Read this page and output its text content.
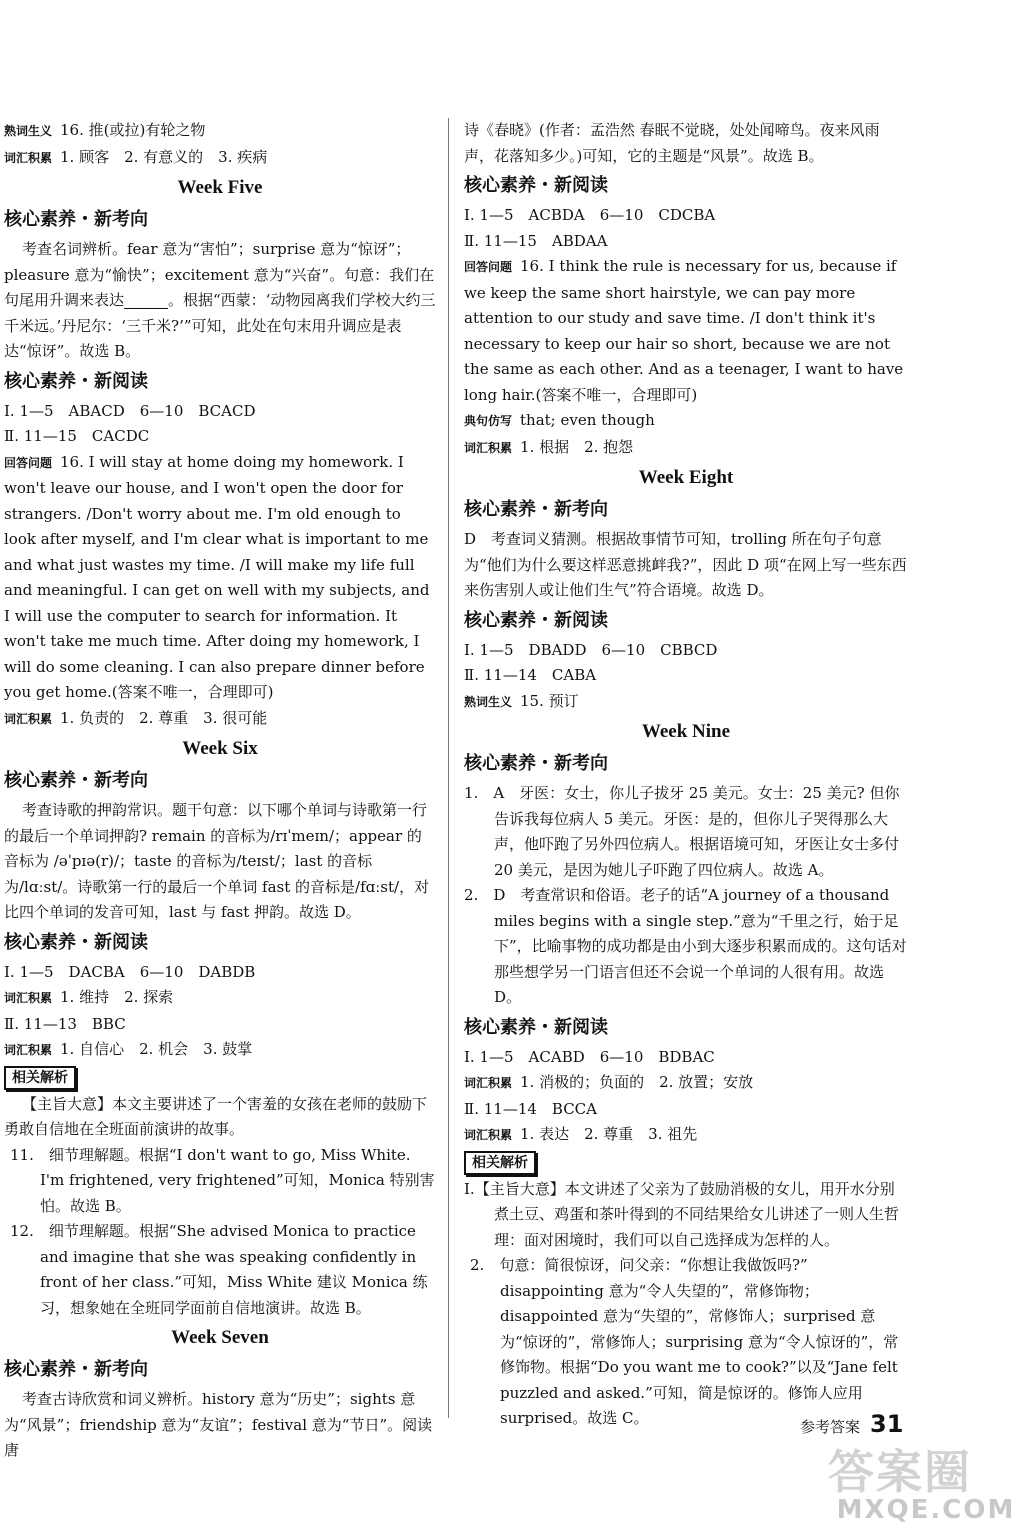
熟词生义 16. 推(或拉)有轮之物

词汇积累 1. 顾客　2. 有意义的　3. 疾病

Week Five
核心素养・新考向

考查名词辨析。fear 意为“害怕”；surprise 意为“惊讶”；pleasure 意为“愉快”；excitement 意为“兴奋”。句意：我们在句尾用升调来表达	。根据“西蒙：‘动物园离我们学校大约三千米远。’丹尼尔：‘三千米?’”可知，此处在句末用升调应是表达“惊讶”。故选 B。

核心素养・新阅读

Ⅰ. 1—5　ABACD　6—10　BCACD

Ⅱ. 11—15　CACDC

回答问题 16. I will stay at home doing my homework. I won't leave our house, and I won't open the door for strangers. /Don't worry about me. I'm old enough to look after myself, and I'm clear what is important to me and what just wastes my time. /I will make my life full and meaningful. I can get on well with my subjects, and I will use the computer to search for information. It won't take me much time. After doing my homework, I will do some cleaning. I can also prepare dinner before you get home.(答案不唯一，合理即可)

词汇积累 1. 负责的　2. 尊重　3. 很可能

Week Six
核心素养・新考向

考查诗歌的押韵常识。题干句意：以下哪个单词与诗歌第一行的最后一个单词押韵? remain 的音标为/rɪˈmeɪn/；appear 的音标为 /əˈpɪə(r)/；taste 的音标为/teɪst/；last 的音标为/lɑːst/。诗歌第一行的最后一个单词 fast 的音标是/fɑːst/，对比四个单词的发音可知，last 与 fast 押韵。故选 D。

核心素养・新阅读

Ⅰ. 1—5　DACBA　6—10　DABDB

词汇积累 1. 维持　2. 探索

Ⅱ. 11—13　BBC

词汇积累 1. 自信心　2. 机会　3. 鼓掌

相关解析

【主旨大意】本文主要讲述了一个害羞的女孩在老师的鼓励下勇敢自信地在全班面前演讲的故事。

11.　 细节理解题。根据“I don't want to go, Miss White. I'm frightened, very frightened”可知，Monica 特别害怕。故选 B。

12.　 细节理解题。根据“She advised Monica to practice and imagine that she was speaking confidently in front of her class.”可知，Miss White 建议 Monica 练习，想象她在全班同学面前自信地演讲。故选 B。

Week Seven
核心素养・新考向

考查古诗欣赏和词义辨析。history 意为“历史”；sights 意为“风景”；friendship 意为“友谊”；festival 意为“节日”。阅读唐

诗《春晓》(作者：孟浩然 春眠不觉晓，处处闻啼鸟。夜来风雨声，花落知多少。)可知，它的主题是“风景”。故选 B。

核心素养・新阅读

Ⅰ. 1—5　ACBDA　6—10　CDCBA

Ⅱ. 11—15　ABDAA

回答问题 16. I think the rule is necessary for us, because if we keep the same short hairstyle, we can pay more attention to our study and save time. /I don't think it's necessary to keep our hair so short, because we are not the same as each other. And as a teenager, I want to have long hair.(答案不唯一，合理即可)

典句仿写 that; even though

词汇积累 1. 根据　2. 抱怨

Week Eight
核心素养・新考向

D　考查词义猜测。根据故事情节可知，trolling 所在句子句意为“他们为什么要这样恶意挑衅我?”，因此 D 项“在网上写一些东西来伤害别人或让他们生气”符合语境。故选 D。

核心素养・新阅读

Ⅰ. 1—5　DBADD　6—10　CBBCD

Ⅱ. 11—14　CABA

熟词生义 15. 预订

Week Nine
核心素养・新考向

1.　 A　牙医：女士，你儿子拔牙 25 美元。女士：25 美元? 但你告诉我每位病人 5 美元。牙医：是的，但你儿子哭得那么大声，他吓跑了另外四位病人。根据语境可知，牙医让女士多付 20 美元，是因为她儿子吓跑了四位病人。故选 A。

2.　 D　考查常识和俗语。老子的话“A journey of a thousand miles begins with a single step.”意为“千里之行，始于足下”，比喻事物的成功都是由小到大逐步积累而成的。这句话对那些想学另一门语言但还不会说一个单词的人很有用。故选 D。

核心素养・新阅读

Ⅰ. 1—5　ACABD　6—10　BDBAC

词汇积累 1. 消极的；负面的　2. 放置；安放

Ⅱ. 11—14　BCCA

词汇积累 1. 表达　2. 尊重　3. 祖先

相关解析

Ⅰ.【主旨大意】本文讲述了父亲为了鼓励消极的女儿，用开水分别煮土豆、鸡蛋和茶叶得到的不同结果给女儿讲述了一则人生哲理：面对困境时，我们可以自己选择成为怎样的人。

2.　 句意：简很惊讶，问父亲：“你想让我做饭吗?” disappointing 意为“令人失望的”，常修饰物；disappointed 意为“失望的”，常修饰人；surprised 意为“惊讶的”，常修饰人；surprising 意为“令人惊讶的”，常修饰物。根据“Do you want me to cook?”以及“Jane felt puzzled and asked.”可知，简是惊讶的。修饰人应用 surprised。故选 C。	参考答案 31
答案圈
MXQE.COM
